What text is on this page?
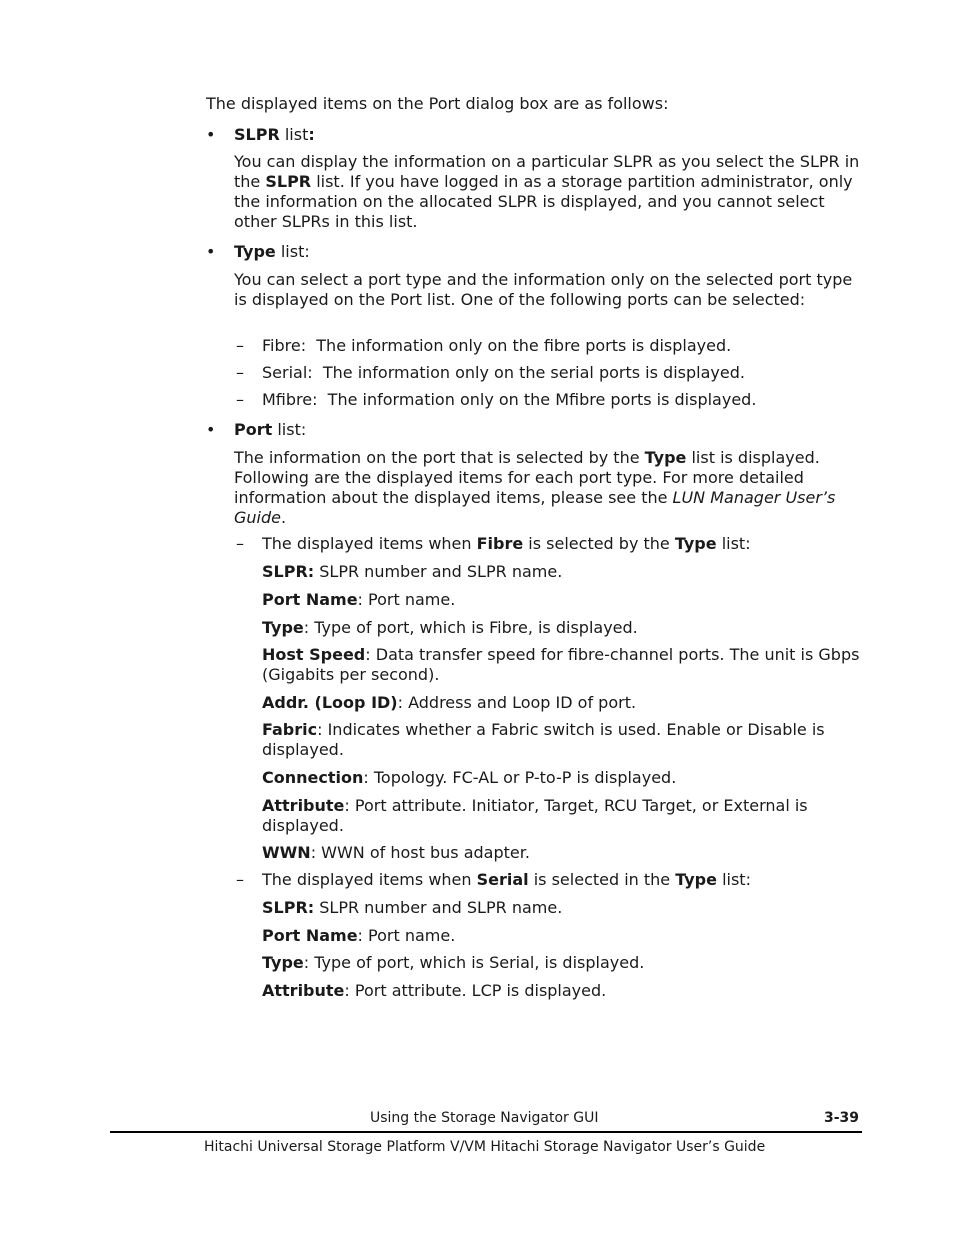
The displayed items on the Port dialog box are as follows:
• SLPR list:
You can display the information on a particular SLPR as you select the SLPR in the SLPR list. If you have logged in as a storage partition administrator, only the information on the allocated SLPR is displayed, and you cannot select other SLPRs in this list.
• Type list:
You can select a port type and the information only on the selected port type is displayed on the Port list. One of the following ports can be selected:
– Fibre: The information only on the fibre ports is displayed.
– Serial: The information only on the serial ports is displayed.
– Mfibre: The information only on the Mfibre ports is displayed.
• Port list:
The information on the port that is selected by the Type list is displayed. Following are the displayed items for each port type. For more detailed information about the displayed items, please see the LUN Manager User’s Guide.
– The displayed items when Fibre is selected by the Type list:
SLPR: SLPR number and SLPR name.
Port Name: Port name.
Type: Type of port, which is Fibre, is displayed.
Host Speed: Data transfer speed for fibre-channel ports. The unit is Gbps (Gigabits per second).
Addr. (Loop ID): Address and Loop ID of port.
Fabric: Indicates whether a Fabric switch is used. Enable or Disable is displayed.
Connection: Topology. FC-AL or P-to-P is displayed.
Attribute: Port attribute. Initiator, Target, RCU Target, or External is displayed.
WWN: WWN of host bus adapter.
– The displayed items when Serial is selected in the Type list:
SLPR: SLPR number and SLPR name.
Port Name: Port name.
Type: Type of port, which is Serial, is displayed.
Attribute: Port attribute. LCP is displayed.
Using the Storage Navigator GUI	3-39
Hitachi Universal Storage Platform V/VM Hitachi Storage Navigator User’s Guide
